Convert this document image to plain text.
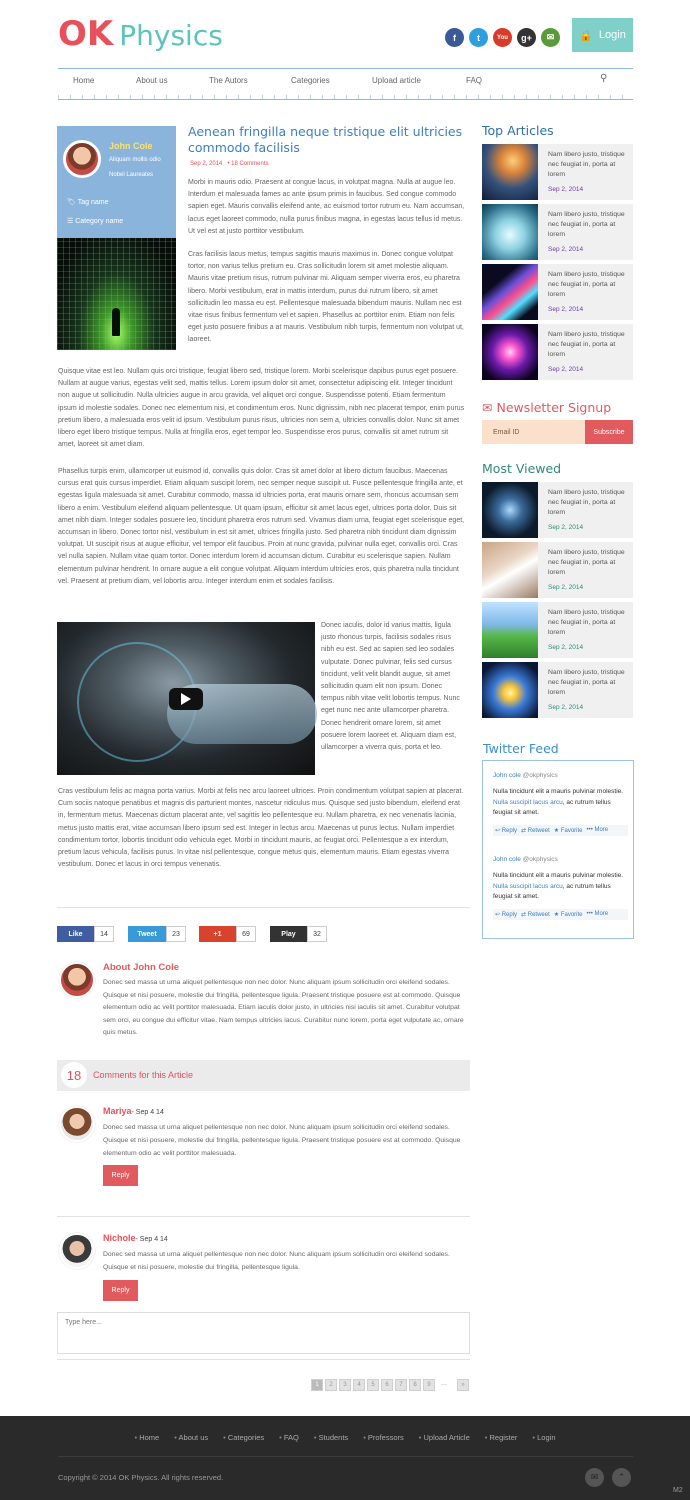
OK Physics	f	t	You	g+	✉	🔒 Login
Home	About us	The Autors	Categories	Upload article	FAQ	⚲
John Cole
Aliquam mollis odio
Nobel Laureates
🏷 Tag name
☰ Category name
Aenean fringilla neque tristique elit ultricies commodo facilisis
Sep 2, 2014   • 18 Comments
Morbi in mauris odio. Praesent at congue lacus, in volutpat magna. Nulla at augue leo. Interdum et malesuada fames ac ante ipsum primis in faucibus. Sed congue commodo sapien eget. Mauris convallis eleifend ante, ac euismod tortor rutrum eu. Nam accumsan, lacus eget laoreet commodo, nulla purus finibus magna, in egestas lacus tellus id metus. Ut vel est at justo porttitor vestibulum.
Cras facilisis lacus metus, tempus sagittis mauris maximus in. Donec congue volutpat tortor, non varius tellus pretium eu. Cras sollicitudin lorem sit amet molestie aliquam. Mauris vitae pretium risus, rutrum pulvinar mi. Aliquam semper viverra eros, eu pharetra libero. Morbi vestibulum, erat in mattis interdum, purus dui rutrum libero, sit amet sollicitudin leo massa eu est. Pellentesque malesuada bibendum mauris. Nullam nec est vitae risus finibus fermentum vel et sapien. Phasellus ac porttitor enim. Etiam non felis eget justo posuere finibus a at mauris. Vestibulum nibh turpis, fermentum non volutpat ut, laoreet.
Quisque vitae est leo. Nullam quis orci tristique, feugiat libero sed, tristique lorem. Morbi scelerisque dapibus purus eget posuere. Nullam at augue varius, egestas velit sed, mattis tellus. Lorem ipsum dolor sit amet, consectetur adipiscing elit. Integer tincidunt non augue ut sollicitudin. Nulla ultricies augue in arcu gravida, vel aliquet orci congue. Suspendisse potenti. Etiam fermentum ipsum id molestie sodales. Donec nec elementum nisi, et condimentum eros. Nunc dignissim, nibh nec placerat tempor, enim purus pretium libero, a malesuada eros velit id ipsum. Vestibulum purus risus, ultricies non sem a, ultricies convallis dolor. Nunc sit amet libero eget libero tristique tempus. Nulla at fringilla eros, eget tempor leo. Suspendisse eros purus, convallis sit amet rutrum sit amet, laoreet sit amet diam.
Phasellus turpis enim, ullamcorper ut euismod id, convallis quis dolor. Cras sit amet dolor at libero dictum faucibus. Maecenas cursus erat quis cursus imperdiet. Etiam aliquam suscipit lorem, nec semper neque suscipit ut. Fusce pellentesque fringilla ante, et egestas ligula malesuada sit amet. Curabitur commodo, massa id ultricies porta, erat mauris ornare sem, rhoncus accumsan sem libero a enim. Vestibulum eleifend aliquam pellentesque. Ut quam ipsum, efficitur sit amet lacus eget, ultrices porta dolor. Duis sit amet nibh diam. Integer sodales posuere leo, tincidunt pharetra eros rutrum sed. Vivamus diam urna, feugiat eget scelerisque eget, accumsan in libero. Donec tortor nisl, vestibulum in est sit amet, ultrices fringilla justo. Sed pharetra nibh tincidunt diam dignissim volutpat. Ut suscipit risus at augue efficitur, vel tempor elit faucibus. Proin at nunc gravida, pulvinar nulla eget, convallis orci. Cras vel nulla sapien. Nullam vitae quam tortor. Donec interdum lorem id accumsan dictum. Curabitur eu scelerisque sapien. Nullam elementum pulvinar hendrerit. In ornare augue a elit congue volutpat. Aliquam interdum ultricies eros, quis pharetra nulla tincidunt vel. Praesent at pretium diam, vel lobortis arcu. Integer interdum enim et sodales facilisis.
Donec iaculis, dolor id varius mattis, ligula justo rhoncus turpis, facilisis sodales risus nibh eu est. Sed ac sapien sed leo sodales vulputate. Donec pulvinar, felis sed cursus tincidunt, velit velit blandit augue, sit amet sollicitudin quam elit non ipsum. Donec tempus nibh vitae velit lobortis tempus. Nunc eget nunc nec ante ullamcorper pharetra. Donec hendrerit ornare lorem, sit amet posuere lorem laoreet et. Aliquam diam est, ullamcorper a viverra quis, porta et leo.
Cras vestibulum felis ac magna porta varius. Morbi at felis nec arcu laoreet ultrices. Proin condimentum volutpat sapien at placerat. Cum sociis natoque penatibus et magnis dis parturient montes, nascetur ridiculus mus. Quisque sed justo bibendum, eleifend erat in, fermentum metus. Maecenas dictum placerat ante, vel sagittis leo pellentesque eu. Nullam pharetra, ex nec venenatis lacinia, metus justo mattis erat, vitae accumsan libero ipsum sed est. Integer in lectus arcu. Maecenas ut purus lectus. Nullam imperdiet condimentum tortor, lobortis tincidunt odio vehicula eget. Morbi in tincidunt mauris, ac feugiat orci. Pellentesque a ex interdum, pretium lacus vehicula, facilisis purus. In vitae nisl pellentesque, congue metus quis, elementum mauris. Etiam egestas viverra vestibulum. Donec et lacus in orci tempus venenatis.
Like	14	Tweet	23	+1	69	Play	32
About John Cole
Donec sed massa ut urna aliquet pellentesque non nec dolor. Nunc aliquam ipsum sollicitudin orci eleifend sodales. Quisque et nisi posuere, molestie dui fringilla, pellentesque ligula. Praesent tristique posuere est at commodo. Quisque elementum odio ac velit porttitor malesuada. Etiam iaculis dolor justo, in ultricies nisi iaculis sit amet. Curabitur volutpat sem orci, eu congue dui efficitur vitae. Nam tempus ultricies lacus. Curabitur nunc lorem, porta eget vulputate ac, ornare quis metus.
18	Comments for this Article
Mariya- Sep 4 14
Donec sed massa ut urna aliquet pellentesque non nec dolor. Nunc aliquam ipsum sollicitudin orci eleifend sodales. Quisque et nisi posuere, molestie dui fringilla, pellentesque ligula. Praesent tristique posuere est at commodo. Quisque elementum odio ac velit porttitor malesuada.
Reply
Nichole- Sep 4 14
Donec sed massa ut urna aliquet pellentesque non nec dolor. Nunc aliquam ipsum sollicitudin orci eleifend sodales. Quisque et nisi posuere, molestie dui fringilla, pellentesque ligula.
Reply
Type here...
1	2	3	4	5	6	7	8	9	...	»
Top Articles
Nam libero justo, tristique nec feugiat in, porta at lorem
Sep 2, 2014
Nam libero justo, tristique nec feugiat in, porta at lorem
Sep 2, 2014
Nam libero justo, tristique nec feugiat in, porta at lorem
Sep 2, 2014
Nam libero justo, tristique nec feugiat in, porta at lorem
Sep 2, 2014
✉ Newsletter Signup
Email ID	Subscribe
Most Viewed
Nam libero justo, tristique nec feugiat in, porta at lorem
Sep 2, 2014
Nam libero justo, tristique nec feugiat in, porta at lorem
Sep 2, 2014
Nam libero justo, tristique nec feugiat in, porta at lorem
Sep 2, 2014
Nam libero justo, tristique nec feugiat in, porta at lorem
Sep 2, 2014
Twitter Feed
John cole @okphysics
Nulla tincidunt elit a mauris pulvinar molestie. Nulla suscipit lacus arcu, ac rutrum tellus feugiat sit amet.
↩ Reply ⇄ Retweet ★ Favorite ••• More
John cole @okphysics
Nulla tincidunt elit a mauris pulvinar molestie. Nulla suscipit lacus arcu, ac rutrum tellus feugiat sit amet.
↩ Reply ⇄ Retweet ★ Favorite ••• More
• Home	• About us	• Categories	• FAQ	• Students	• Professors	• Upload Article	• Register	• Login
Copyright © 2014 OK Physics. All rights reserved.	✉	⌃
M2
